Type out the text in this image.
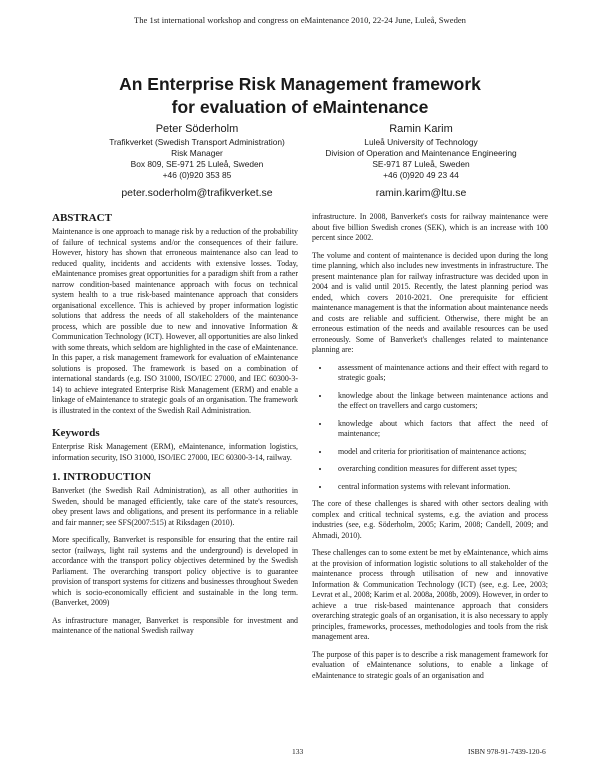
The 1st international workshop and congress on eMaintenance 2010, 22-24 June, Luleå, Sweden
An Enterprise Risk Management framework
for evaluation of eMaintenance
Peter Söderholm
Trafikverket (Swedish Transport Administration)
Risk Manager
Box 809, SE-971 25 Luleå, Sweden
+46 (0)920 353 85
peter.soderholm@trafikverket.se
Ramin Karim
Luleå University of Technology
Division of Operation and Maintenance Engineering
SE-971 87 Luleå, Sweden
+46 (0)920 49 23 44
ramin.karim@ltu.se
ABSTRACT

Maintenance is one approach to manage risk by a reduction of the probability of failure of technical systems and/or the consequences of their failure. However, history has shown that erroneous maintenance also can lead to reduced quality, incidents and accidents with extensive losses. Today, eMaintenance promises great opportunities for a paradigm shift from a rather narrow condition-based maintenance approach with focus on technical system health to a true risk-based maintenance approach that considers organisational excellence. This is achieved by proper information logistic solutions that address the needs of all stakeholders of the maintenance process, which are possible due to new and innovative Information & Communication Technology (ICT). However, all opportunities are also linked with some threats, which seldom are highlighted in the case of eMaintenance. In this paper, a risk management framework for evaluation of eMaintenance solutions is proposed. The framework is based on a combination of international standards (e.g. ISO 31000, ISO/IEC 27000, and IEC 60300-3-14) to achieve integrated Enterprise Risk Management (ERM) and enable a linkage of eMaintenance to strategic goals of an organisation. The framework is illustrated in the context of the Swedish Rail Administration.

Keywords

Enterprise Risk Management (ERM), eMaintenance, information logistics, information security, ISO 31000, ISO/IEC 27000, IEC 60300-3-14, railway.

1. INTRODUCTION

Banverket (the Swedish Rail Administration), as all other authorities in Sweden, should be managed efficiently, take care of the state's resources, obey present laws and obligations, and present its performance in a reliable and fair manner; see SFS(2007:515) at Riksdagen (2010).

More specifically, Banverket is responsible for ensuring that the entire rail sector (railways, light rail systems and the underground) is developed in accordance with the transport policy objectives determined by the Swedish Parliament. The overarching transport policy objective is to guarantee provision of transport systems for citizens and businesses throughout Sweden which is socio-economically efficient and sustainable in the long term. (Banverket, 2009)

As infrastructure manager, Banverket is responsible for investment and maintenance of the national Swedish railway

infrastructure. In 2008, Banverket's costs for railway maintenance were about five billion Swedish crones (SEK), which is an increase with 100 percent since 2002.

The volume and content of maintenance is decided upon during the long time planning, which also includes new investments in infrastructure. The present maintenance plan for railway infrastructure was decided upon in 2004 and is valid until 2015. Recently, the latest planning period was ended, which covers 2010-2021. One prerequisite for efficient maintenance management is that the information about maintenance needs and costs are reliable and sufficient. Otherwise, there might be an erroneous estimation of the needs and available resources can be used erroneously. Some of Banverket's challenges related to maintenance planning are:

• assessment of maintenance actions and their effect with regard to strategic goals;
• knowledge about the linkage between maintenance actions and the effect on travellers and cargo customers;
• knowledge about which factors that affect the need of maintenance;
• model and criteria for prioritisation of maintenance actions;
• overarching condition measures for different asset types;
• central information systems with relevant information.

The core of these challenges is shared with other sectors dealing with complex and critical technical systems, e.g. the aviation and process industries (see, e.g. Söderholm, 2005; Karim, 2008; Candell, 2009; and Ahmadi, 2010).

These challenges can to some extent be met by eMaintenance, which aims at the provision of information logistic solutions to all stakeholder of the maintenance process through utilisation of new and innovative Information & Communication Technology (ICT) (see, e.g. Lee, 2003; Levrat et al., 2008; Karim et al. 2008a, 2008b, 2009). However, in order to achieve a true risk-based maintenance approach that considers overarching strategic goals of an organisation, it is also necessary to apply principles, frameworks, processes, methodologies and tools from the risk management area.

The purpose of this paper is to describe a risk management framework for evaluation of eMaintenance solutions, to enable a linkage of eMaintenance to strategic goals of an organisation and

133	ISBN 978-91-7439-120-6
